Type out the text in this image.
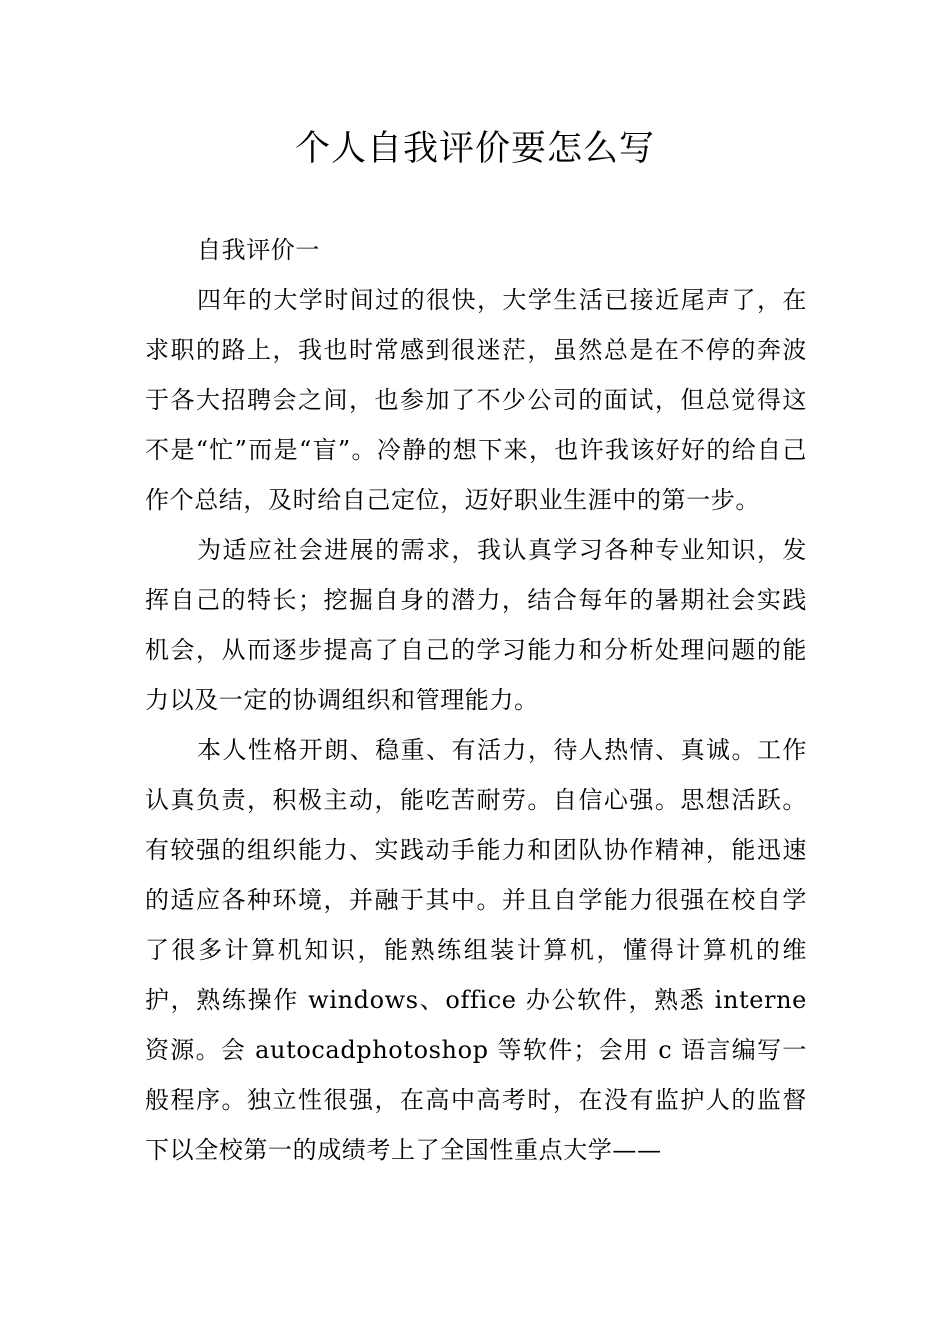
个人自我评价要怎么写

自我评价一

四年的大学时间过的很快，大学生活已接近尾声了，在求职的路上，我也时常感到很迷茫，虽然总是在不停的奔波于各大招聘会之间，也参加了不少公司的面试，但总觉得这不是“忙”而是“盲”。冷静的想下来，也许我该好好的给自己作个总结，及时给自己定位，迈好职业生涯中的第一步。

为适应社会进展的需求，我认真学习各种专业知识，发挥自己的特长；挖掘自身的潜力，结合每年的暑期社会实践机会，从而逐步提高了自己的学习能力和分析处理问题的能力以及一定的协调组织和管理能力。

本人性格开朗、稳重、有活力，待人热情、真诚。工作认真负责，积极主动，能吃苦耐劳。自信心强。思想活跃。有较强的组织能力、实践动手能力和团队协作精神，能迅速的适应各种环境，并融于其中。并且自学能力很强在校自学了很多计算机知识，能熟练组装计算机，懂得计算机的维护，熟练操作 windows、office 办公软件，熟悉 interne 资源。会 autocadphotoshop 等软件；会用 c 语言编写一般程序。独立性很强，在高中高考时，在没有监护人的监督下以全校第一的成绩考上了全国性重点大学——
